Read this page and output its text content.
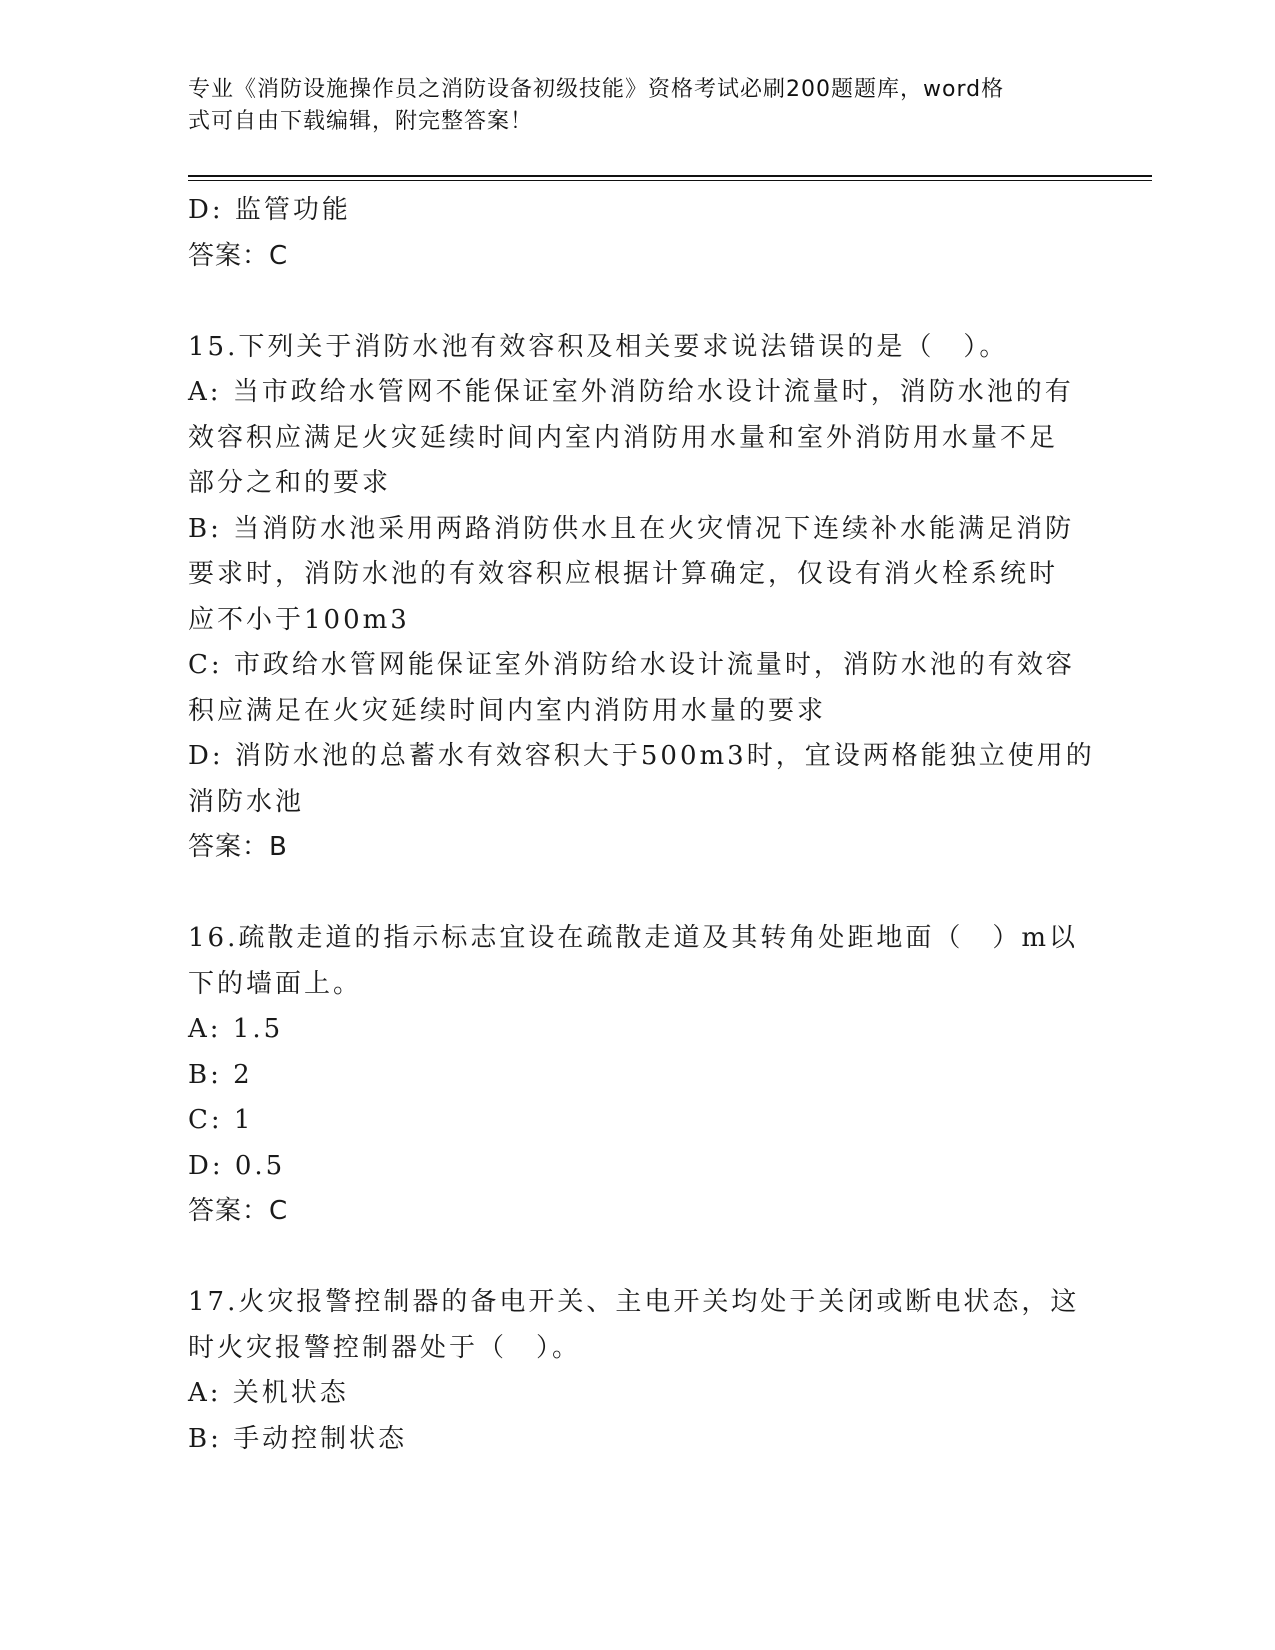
专业《消防设施操作员之消防设备初级技能》资格考试必刷200题题库，word格
式可自由下载编辑，附完整答案！
D: 监管功能
答案：C
15.下列关于消防水池有效容积及相关要求说法错误的是（　）。
A: 当市政给水管网不能保证室外消防给水设计流量时，消防水池的有
效容积应满足火灾延续时间内室内消防用水量和室外消防用水量不足
部分之和的要求
B: 当消防水池采用两路消防供水且在火灾情况下连续补水能满足消防
要求时，消防水池的有效容积应根据计算确定，仅设有消火栓系统时
应不小于100m3
C: 市政给水管网能保证室外消防给水设计流量时，消防水池的有效容
积应满足在火灾延续时间内室内消防用水量的要求
D: 消防水池的总蓄水有效容积大于500m3时，宜设两格能独立使用的
消防水池
答案：B
16.疏散走道的指示标志宜设在疏散走道及其转角处距地面（　）m以
下的墙面上。
A: 1.5
B: 2
C: 1
D: 0.5
答案：C
17.火灾报警控制器的备电开关、主电开关均处于关闭或断电状态，这
时火灾报警控制器处于（　）。
A: 关机状态
B: 手动控制状态
